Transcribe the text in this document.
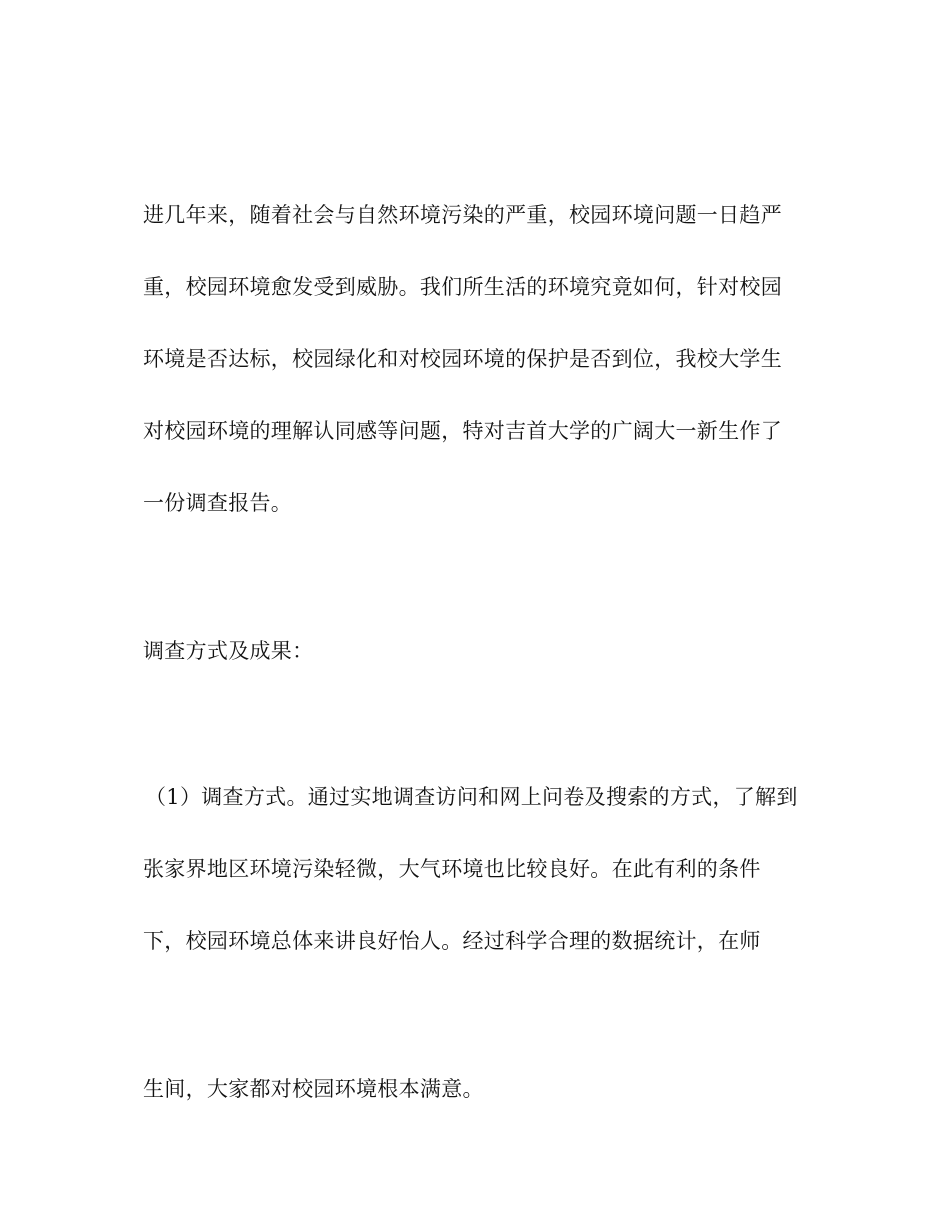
进几年来，随着社会与自然环境污染的严重，校园环境问题一日趋严
重，校园环境愈发受到威胁。我们所生活的环境究竟如何，针对校园
环境是否达标，校园绿化和对校园环境的保护是否到位，我校大学生
对校园环境的理解认同感等问题，特对吉首大学的广阔大一新生作了
一份调查报告。
调查方式及成果：
（1）调查方式。通过实地调查访问和网上问卷及搜索的方式，了解到
张家界地区环境污染轻微，大气环境也比较良好。在此有利的条件
下，校园环境总体来讲良好怡人。经过科学合理的数据统计，在师
生间，大家都对校园环境根本满意。
